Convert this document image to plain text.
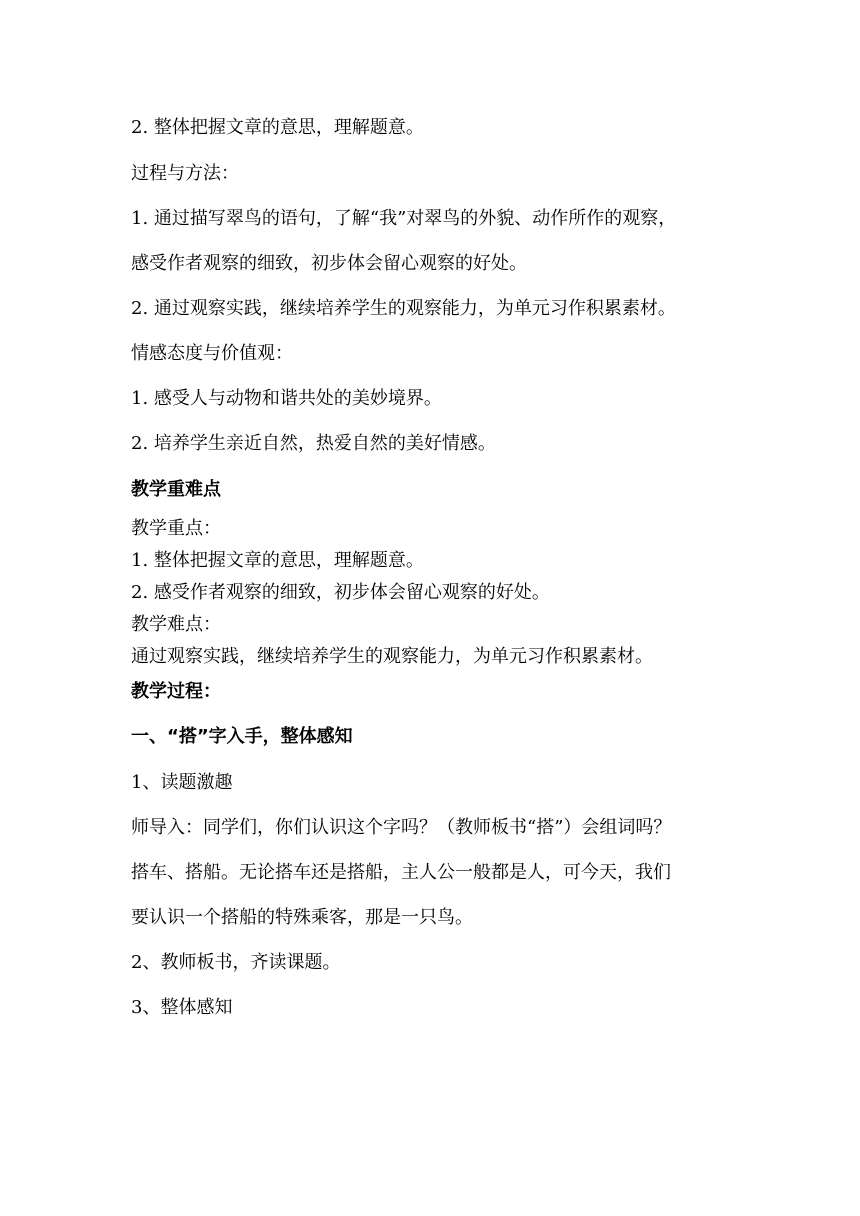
2. 整体把握文章的意思，理解题意。
过程与方法：
1. 通过描写翠鸟的语句，了解“我”对翠鸟的外貌、动作所作的观察，
感受作者观察的细致，初步体会留心观察的好处。
2. 通过观察实践，继续培养学生的观察能力，为单元习作积累素材。
情感态度与价值观：
1. 感受人与动物和谐共处的美妙境界。
2. 培养学生亲近自然，热爱自然的美好情感。
教学重难点
教学重点：
1. 整体把握文章的意思，理解题意。
2. 感受作者观察的细致，初步体会留心观察的好处。
教学难点：
通过观察实践，继续培养学生的观察能力，为单元习作积累素材。
教学过程：
一、“搭”字入手，整体感知
1、读题激趣
师导入：同学们，你们认识这个字吗？（教师板书“搭”）会组词吗？
搭车、搭船。无论搭车还是搭船，主人公一般都是人，可今天，我们
要认识一个搭船的特殊乘客，那是一只鸟。
2、教师板书，齐读课题。
3、整体感知
